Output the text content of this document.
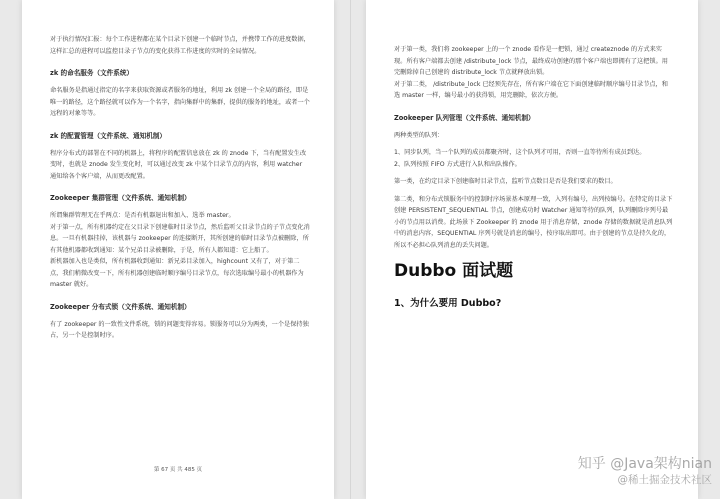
对于执行情况汇报：每个工作进程都在某个目录下创建一个临时节点，并携带工作的进度数据，这样汇总的进程可以监控目录子节点的变化获得工作进度的实时的全局情况。

zk 的命名服务（文件系统）

命名服务是指通过指定的名字来获取资源或者服务的地址，利用 zk 创建一个全局的路径，即是唯一的路径，这个路径就可以作为一个名字，指向集群中的集群，提供的服务的地址，或者一个远程的对象等等。

zk 的配置管理（文件系统、通知机制）

程序分布式的部署在不同的机器上，将程序的配置信息放在 zk 的 znode 下，当有配置发生改变时，也就是 znode 发生变化时，可以通过改变 zk 中某个目录节点的内容，利用 watcher 通知给各个客户端，从而更改配置。

Zookeeper 集群管理（文件系统、通知机制）

所谓集群管理无在乎两点：是否有机器退出和加入、选举 master。

对于第一点，所有机器约定在父目录下创建临时目录节点，然后监听父目录节点的子节点变化消息。一旦有机器挂掉，该机器与 zookeeper 的连接断开，其所创建的临时目录节点被删除，所有其他机器都收到通知：某个兄弟目录被删除，于是，所有人都知道：它上船了。

新机器加入也是类似，所有机器收到通知：新兄弟目录加入，highcount 又有了，对于第二点，我们稍微改变一下，所有机器创建临时顺序编号目录节点，每次选取编号最小的机器作为 master 就好。

Zookeeper 分布式锁（文件系统、通知机制）

有了 zookeeper 的一致性文件系统，锁的问题变得容易。锁服务可以分为两类，一个是保持独占，另一个是控制时序。

第 67 页 共 485 页

对于第一类，我们将 zookeeper 上的一个 znode 看作是一把锁，通过 createznode 的方式来实现。所有客户端都去创建 /distribute_lock 节点，最终成功创建的那个客户端也即拥有了这把锁。用完删除掉自己创建的 distribute_lock 节点就释放出锁。

对于第二类， /distribute_lock 已经预先存在，所有客户端在它下面创建临时顺序编号目录节点，和选 master 一样，编号最小的获得锁，用完删除，依次方便。

Zookeeper 队列管理（文件系统、通知机制）

两种类型的队列：

1、同步队列，当一个队列的成员都聚齐时，这个队列才可用，否则一直等待所有成员到达。

2、队列按照 FIFO 方式进行入队和出队操作。

第一类，在约定目录下创建临时目录节点，监听节点数目是否是我们要求的数目。

第二类，和分布式锁服务中的控制时序场景基本原理一致，入列有编号，出列按编号。在特定的目录下创建 PERSISTENT_SEQUENTIAL 节点，创建成功时 Watcher 通知等待的队列，队列删除序列号最小的节点用以消费。此场景下 Zookeeper 的 znode 用于消息存储，znode 存储的数据就是消息队列中的消息内容，SEQUENTIAL 序列号就是消息的编号，按序取出即可。由于创建的节点是持久化的，所以不必担心队列消息的丢失问题。

Dubbo 面试题
1、为什么要用 Dubbo?
知乎 @Java架构nian
@稀土掘金技术社区
